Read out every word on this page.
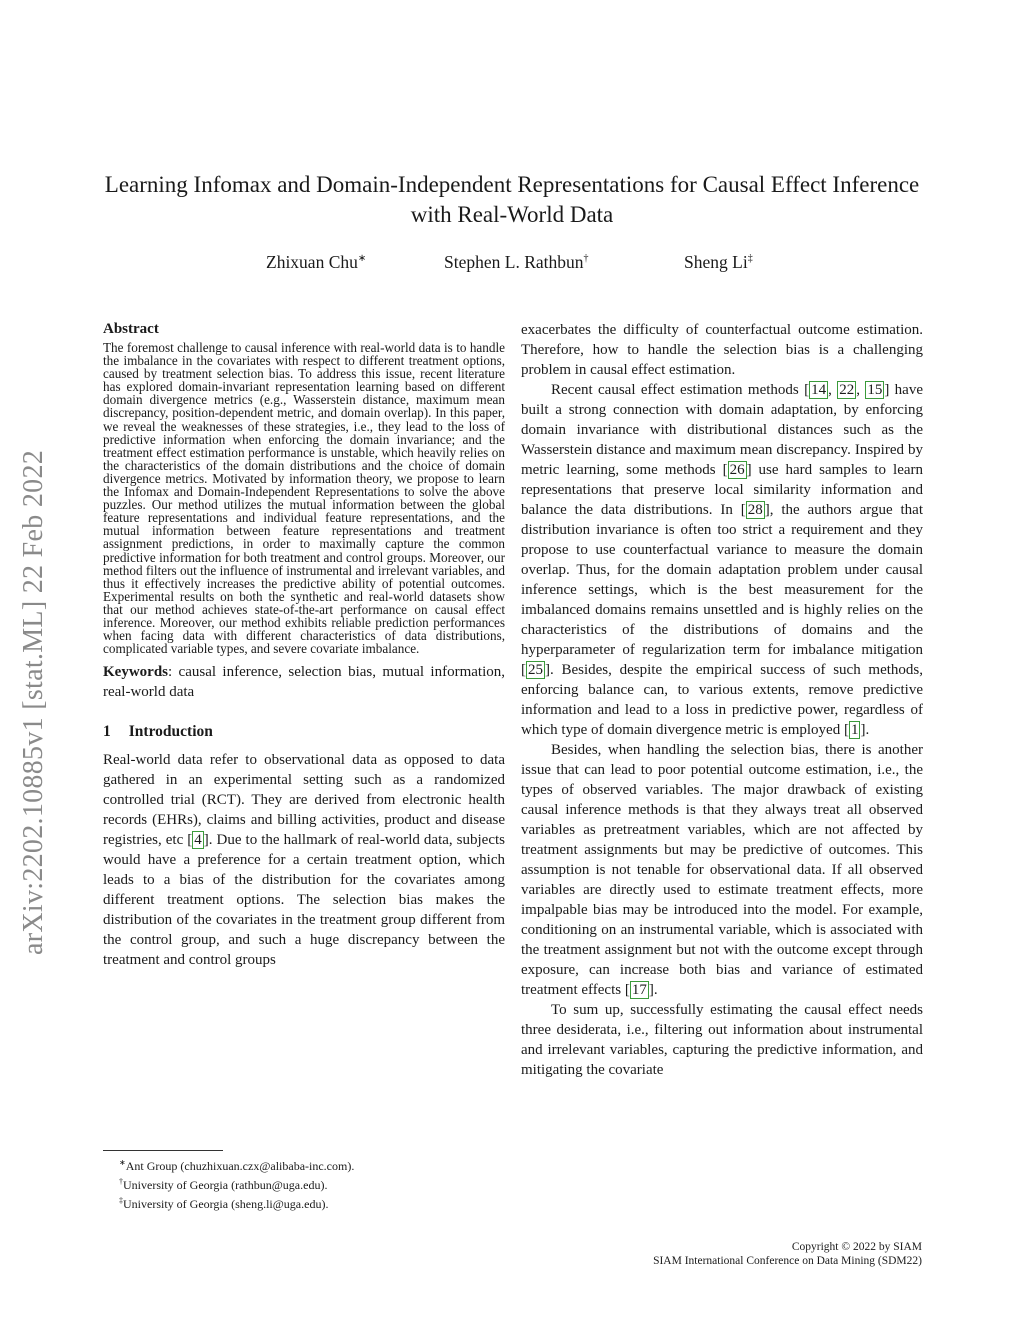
arXiv:2202.10885v1 [stat.ML] 22 Feb 2022
Learning Infomax and Domain-Independent Representations for Causal Effect Inference with Real-World Data
Zhixuan Chu∗	Stephen L. Rathbun†	Sheng Li‡
Abstract

The foremost challenge to causal inference with real-world data is to handle the imbalance in the covariates with respect to different treatment options, caused by treatment selection bias. To address this issue, recent literature has explored domain-invariant representation learning based on different domain divergence metrics (e.g., Wasserstein distance, maximum mean discrepancy, position-dependent metric, and domain overlap). In this paper, we reveal the weaknesses of these strategies, i.e., they lead to the loss of predictive information when enforcing the domain invariance; and the treatment effect estimation performance is unstable, which heavily relies on the characteristics of the domain distributions and the choice of domain divergence metrics. Motivated by information theory, we propose to learn the Infomax and Domain-Independent Representations to solve the above puzzles. Our method utilizes the mutual information between the global feature representations and individual feature representations, and the mutual information between feature representations and treatment assignment predictions, in order to maximally capture the common predictive information for both treatment and control groups. Moreover, our method filters out the influence of instrumental and irrelevant variables, and thus it effectively increases the predictive ability of potential outcomes. Experimental results on both the synthetic and real-world datasets show that our method achieves state-of-the-art performance on causal effect inference. Moreover, our method exhibits reliable prediction performances when facing data with different characteristics of data distributions, complicated variable types, and severe covariate imbalance.

Keywords: causal inference, selection bias, mutual information, real-world data

1 Introduction

Real-world data refer to observational data as opposed to data gathered in an experimental setting such as a randomized controlled trial (RCT). They are derived from electronic health records (EHRs), claims and billing activities, product and disease registries, etc [ 4 ]. Due to the hallmark of real-world data, subjects would have a preference for a certain treatment option, which leads to a bias of the distribution for the covariates among different treatment options. The selection bias makes the distribution of the covariates in the treatment group different from the control group, and such a huge discrepancy between the treatment and control groups

exacerbates the difficulty of counterfactual outcome estimation. Therefore, how to handle the selection bias is a challenging problem in causal effect estimation.

Recent causal effect estimation methods [ 14 , 22 , 15 ] have built a strong connection with domain adaptation, by enforcing domain invariance with distributional distances such as the Wasserstein distance and maximum mean discrepancy. Inspired by metric learning, some methods [ 26 ] use hard samples to learn representations that preserve local similarity information and balance the data distributions. In [ 28 ], the authors argue that distribution invariance is often too strict a requirement and they propose to use counterfactual variance to measure the domain overlap. Thus, for the domain adaptation problem under causal inference settings, which is the best measurement for the imbalanced domains remains unsettled and is highly relies on the characteristics of the distributions of domains and the hyperparameter of regularization term for imbalance mitigation [ 25 ]. Besides, despite the empirical success of such methods, enforcing balance can, to various extents, remove predictive information and lead to a loss in predictive power, regardless of which type of domain divergence metric is employed [ 1 ].

Besides, when handling the selection bias, there is another issue that can lead to poor potential outcome estimation, i.e., the types of observed variables. The major drawback of existing causal inference methods is that they always treat all observed variables as pretreatment variables, which are not affected by treatment assignments but may be predictive of outcomes. This assumption is not tenable for observational data. If all observed variables are directly used to estimate treatment effects, more impalpable bias may be introduced into the model. For example, conditioning on an instrumental variable, which is associated with the treatment assignment but not with the outcome except through exposure, can increase both bias and variance of estimated treatment effects [ 17 ].

To sum up, successfully estimating the causal effect needs three desiderata, i.e., filtering out information about instrumental and irrelevant variables, capturing the predictive information, and mitigating the covariate

∗Ant Group (chuzhixuan.czx@alibaba-inc.com).
†University of Georgia (rathbun@uga.edu).
‡University of Georgia (sheng.li@uga.edu).
Copyright © 2022 by SIAM
SIAM International Conference on Data Mining (SDM22)
